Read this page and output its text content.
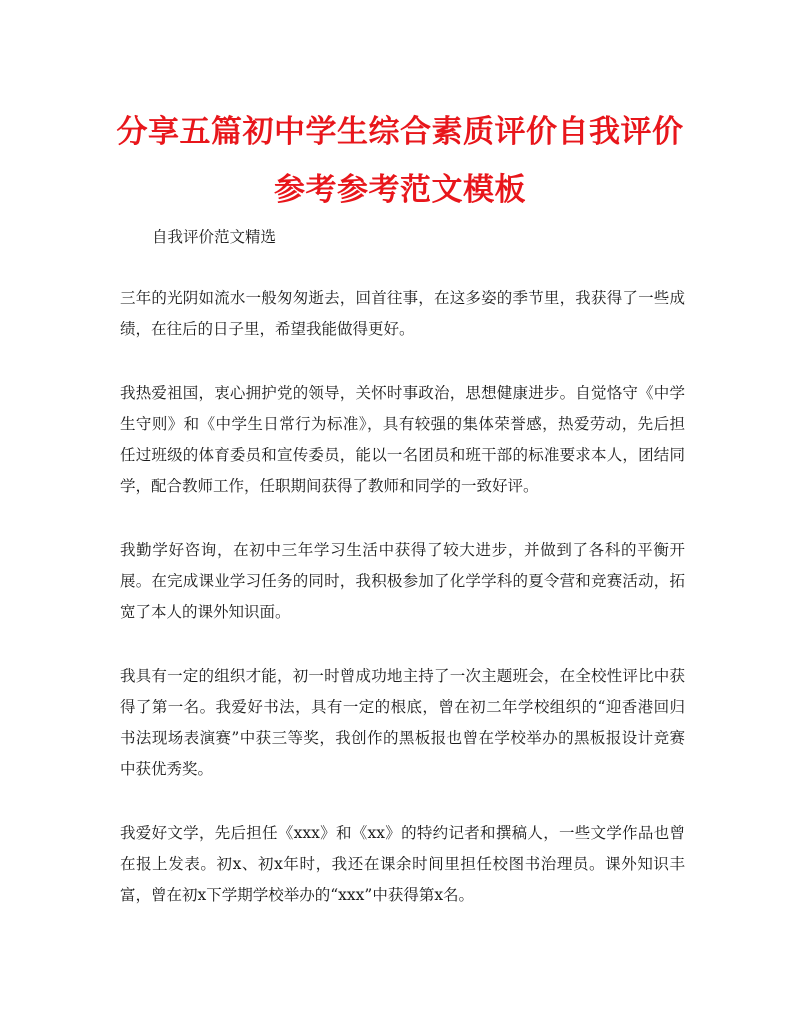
分享五篇初中学生综合素质评价自我评价
参考参考范文模板

自我评价范文精选

三年的光阴如流水一般匆匆逝去，回首往事，在这多姿的季节里，我获得了一些成绩，在往后的日子里，希望我能做得更好。

我热爱祖国，衷心拥护党的领导，关怀时事政治，思想健康进步。自觉恪守《中学生守则》和《中学生日常行为标准》，具有较强的集体荣誉感，热爱劳动，先后担任过班级的体育委员和宣传委员，能以一名团员和班干部的标准要求本人，团结同学，配合教师工作，任职期间获得了教师和同学的一致好评。

我勤学好咨询，在初中三年学习生活中获得了较大进步，并做到了各科的平衡开展。在完成课业学习任务的同时，我积极参加了化学学科的夏令营和竞赛活动，拓宽了本人的课外知识面。

我具有一定的组织才能，初一时曾成功地主持了一次主题班会，在全校性评比中获得了第一名。我爱好书法，具有一定的根底，曾在初二年学校组织的“迎香港回归书法现场表演赛”中获三等奖，我创作的黑板报也曾在学校举办的黑板报设计竞赛中获优秀奖。

我爱好文学，先后担任《xxx》和《xx》的特约记者和撰稿人，一些文学作品也曾在报上发表。初x、初x年时，我还在课余时间里担任校图书治理员。课外知识丰富，曾在初x下学期学校举办的“xxx”中获得第x名。
